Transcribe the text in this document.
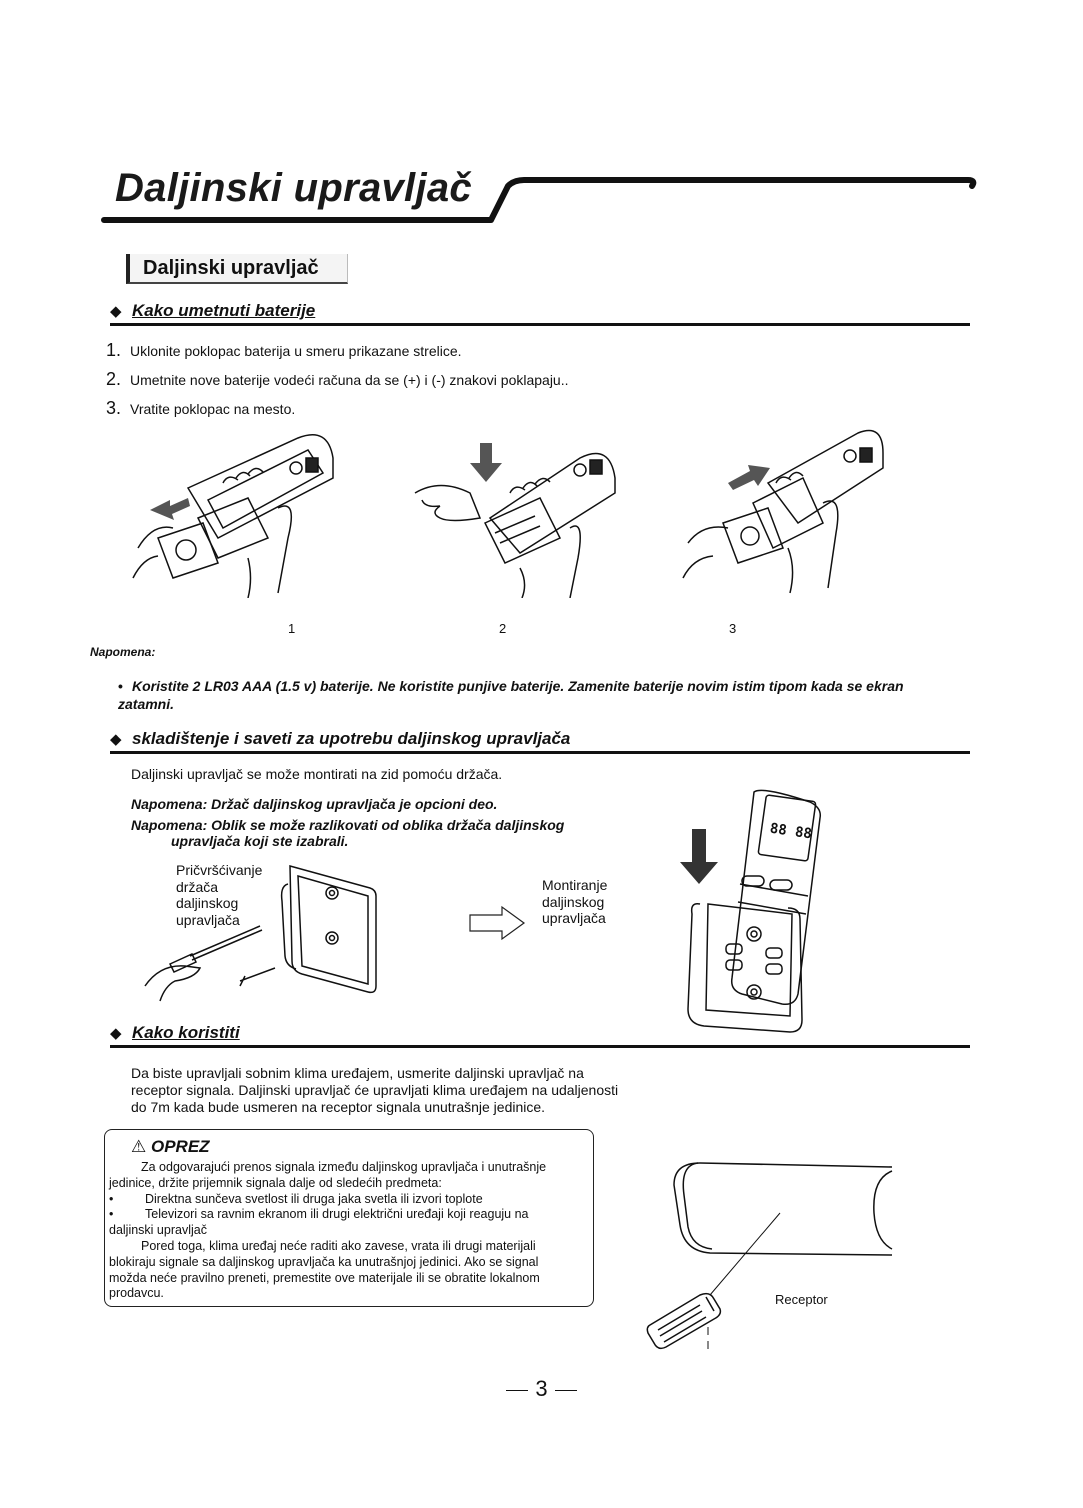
Daljinski upravljač
Daljinski upravljač
◆ Kako umetnuti baterije
1. Uklonite poklopac baterija u smeru prikazane strelice.
2. Umetnite nove baterije vodeći računa da se (+) i (-) znakovi poklapaju..
3. Vratite poklopac na mesto.
1	2	3
Napomena:
• Koristite 2 LR03 AAA (1.5 v) baterije. Ne koristite punjive baterije. Zamenite baterije novim istim tipom kada se ekran zatamni.
◆ skladištenje i saveti za upotrebu daljinskog upravljača
Daljinski upravljač se može montirati na zid pomoću držača.
Napomena: Držač daljinskog upravljača je opcioni deo.
Napomena: Oblik se može razlikovati od oblika držača daljinskog
upravljača koji ste izabrali.
Pričvršćivanje
držača
daljinskog
upravljača
Montiranje
daljinskog
upravljača
88 88
◆ Kako koristiti
Da biste upravljali sobnim klima uređajem, usmerite daljinski upravljač na
receptor signala. Daljinski upravljač će upravljati klima uređajem na udaljenosti
do 7m kada bude usmeren na receptor signala unutrašnje jedinice.
⚠ OPREZ
Za odgovarajući prenos signala između daljinskog upravljača i unutrašnje
jedinice, držite prijemnik signala dalje od sledećih predmeta:
•	Direktna sunčeva svetlost ili druga jaka svetla ili izvori toplote
•	Televizori sa ravnim ekranom ili drugi električni uređaji koji reaguju na
daljinski upravljač
Pored toga, klima uređaj neće raditi ako zavese, vrata ili drugi materijali
blokiraju signale sa daljinskog upravljača ka unutrašnjoj jedinici. Ako se signal
možda neće pravilno preneti, premestite ove materijale ili se obratite lokalnom
prodavcu.	Receptor
3
